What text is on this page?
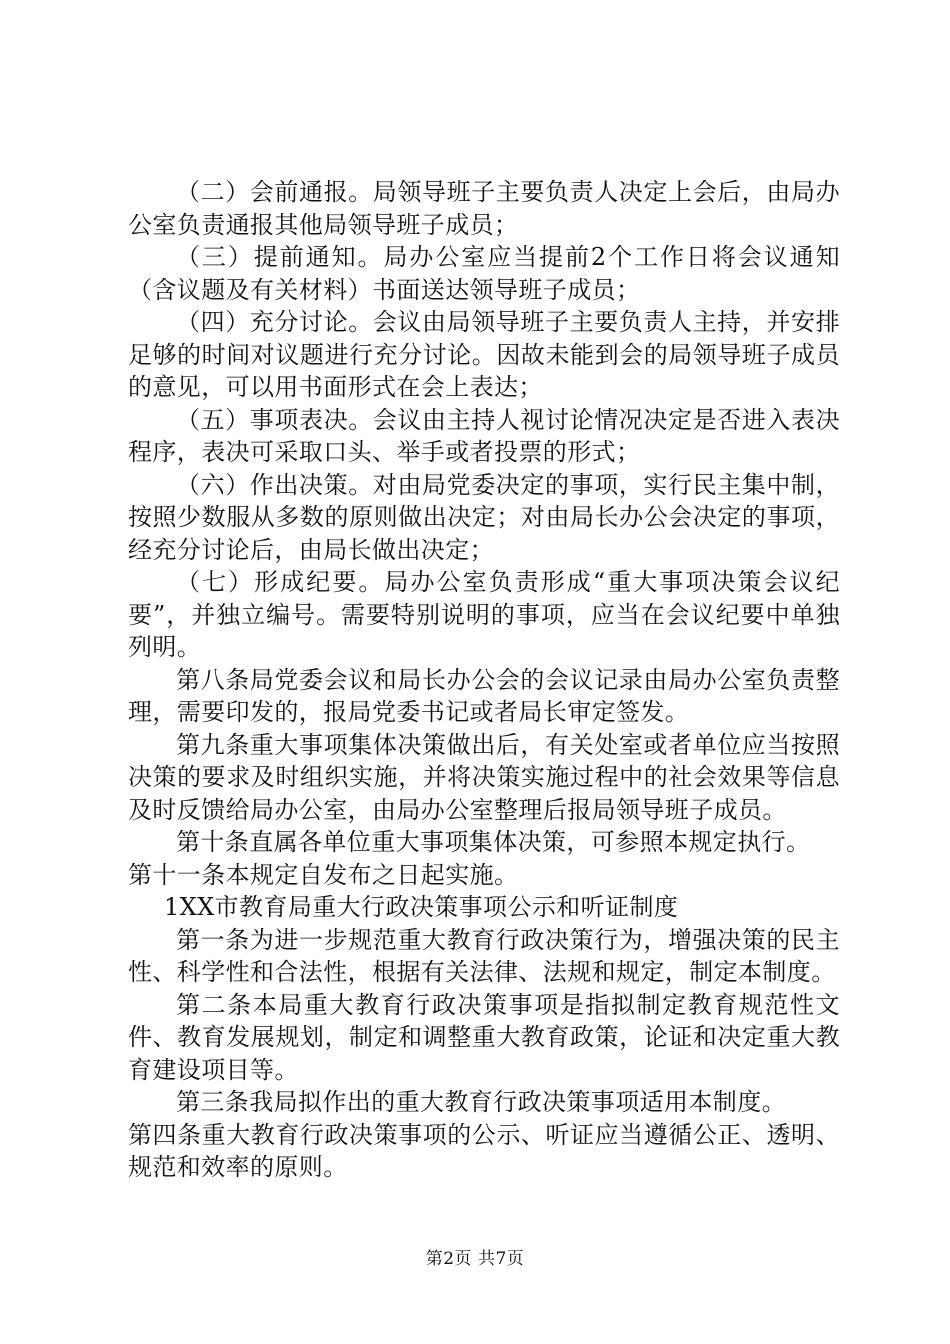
（二）会前通报。局领导班子主要负责人决定上会后，由局办公室负责通报其他局领导班子成员；

（三）提前通知。局办公室应当提前2个工作日将会议通知（含议题及有关材料）书面送达领导班子成员；

（四）充分讨论。会议由局领导班子主要负责人主持，并安排足够的时间对议题进行充分讨论。因故未能到会的局领导班子成员的意见，可以用书面形式在会上表达；

（五）事项表决。会议由主持人视讨论情况决定是否进入表决程序，表决可采取口头、举手或者投票的形式；

（六）作出决策。对由局党委决定的事项，实行民主集中制，按照少数服从多数的原则做出决定；对由局长办公会决定的事项，经充分讨论后，由局长做出决定；

（七）形成纪要。局办公室负责形成“重大事项决策会议纪要”，并独立编号。需要特别说明的事项，应当在会议纪要中单独列明。

第八条局党委会议和局长办公会的会议记录由局办公室负责整理，需要印发的，报局党委书记或者局长审定签发。

第九条重大事项集体决策做出后，有关处室或者单位应当按照决策的要求及时组织实施，并将决策实施过程中的社会效果等信息及时反馈给局办公室，由局办公室整理后报局领导班子成员。

第十条直属各单位重大事项集体决策，可参照本规定执行。

第十一条本规定自发布之日起实施。

1XX市教育局重大行政决策事项公示和听证制度

第一条为进一步规范重大教育行政决策行为，增强决策的民主性、科学性和合法性，根据有关法律、法规和规定，制定本制度。

第二条本局重大教育行政决策事项是指拟制定教育规范性文件、教育发展规划，制定和调整重大教育政策，论证和决定重大教育建设项目等。

第三条我局拟作出的重大教育行政决策事项适用本制度。

第四条重大教育行政决策事项的公示、听证应当遵循公正、透明、规范和效率的原则。

第2页 共7页
